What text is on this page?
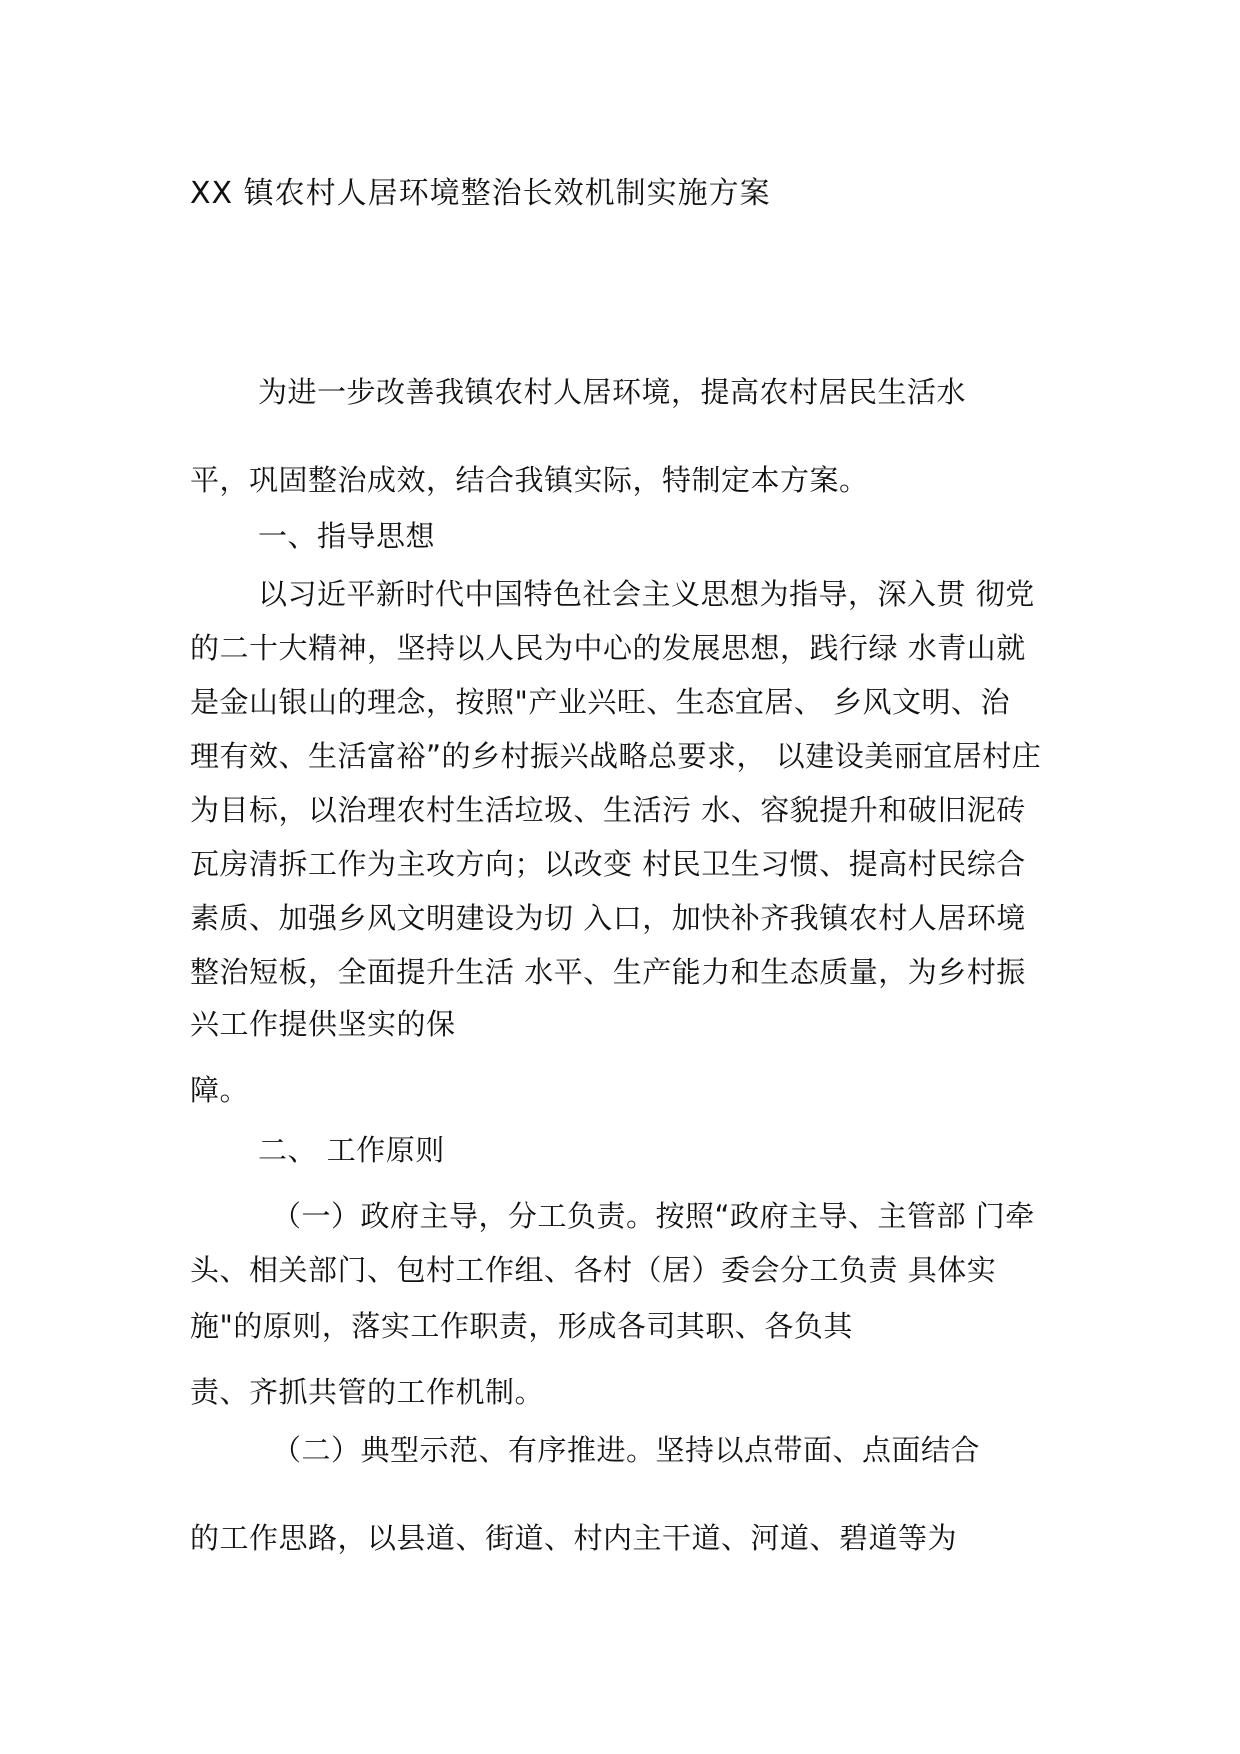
XX 镇农村人居环境整治长效机制实施方案
为进一步改善我镇农村人居环境，提高农村居民生活水
平，巩固整治成效，结合我镇实际，特制定本方案。
一、指导思想
以习近平新时代中国特色社会主义思想为指导，深入贯 彻党
的二十大精神，坚持以人民为中心的发展思想，践行绿 水青山就
是金山银山的理念，按照"产业兴旺、生态宜居、 乡风文明、治
理有效、生活富裕”的乡村振兴战略总要求， 以建设美丽宜居村庄
为目标，以治理农村生活垃圾、生活污 水、容貌提升和破旧泥砖
瓦房清拆工作为主攻方向；以改变 村民卫生习惯、提高村民综合
素质、加强乡风文明建设为切 入口，加快补齐我镇农村人居环境
整治短板，全面提升生活 水平、生产能力和生态质量，为乡村振
兴工作提供坚实的保
障。
二、 工作原则
（一）政府主导，分工负责。按照“政府主导、主管部 门牵
头、相关部门、包村工作组、各村（居）委会分工负责 具体实
施"的原则，落实工作职责，形成各司其职、各负其
责、齐抓共管的工作机制。
（二）典型示范、有序推进。坚持以点带面、点面结合
的工作思路，以县道、街道、村内主干道、河道、碧道等为
